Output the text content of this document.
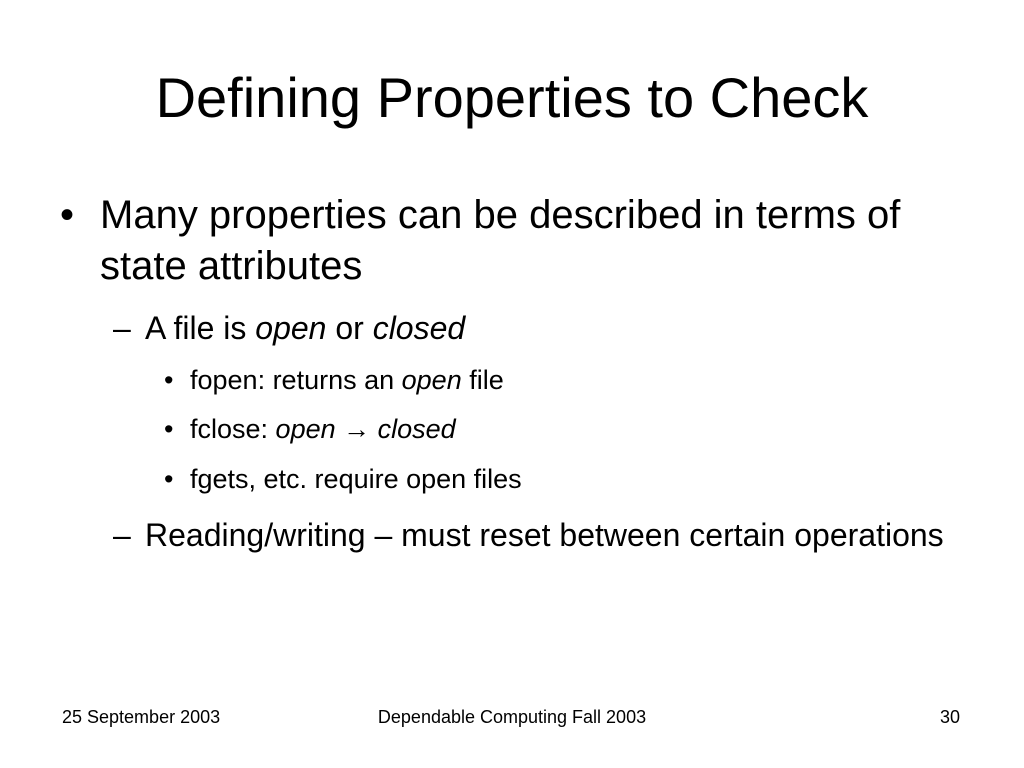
Defining Properties to Check
• Many properties can be described in terms of state attributes
– A file is open or closed
• fopen: returns an open file
• fclose: open → closed
• fgets, etc. require open files
– Reading/writing – must reset between certain operations
25 September 2003	Dependable Computing Fall 2003	30
